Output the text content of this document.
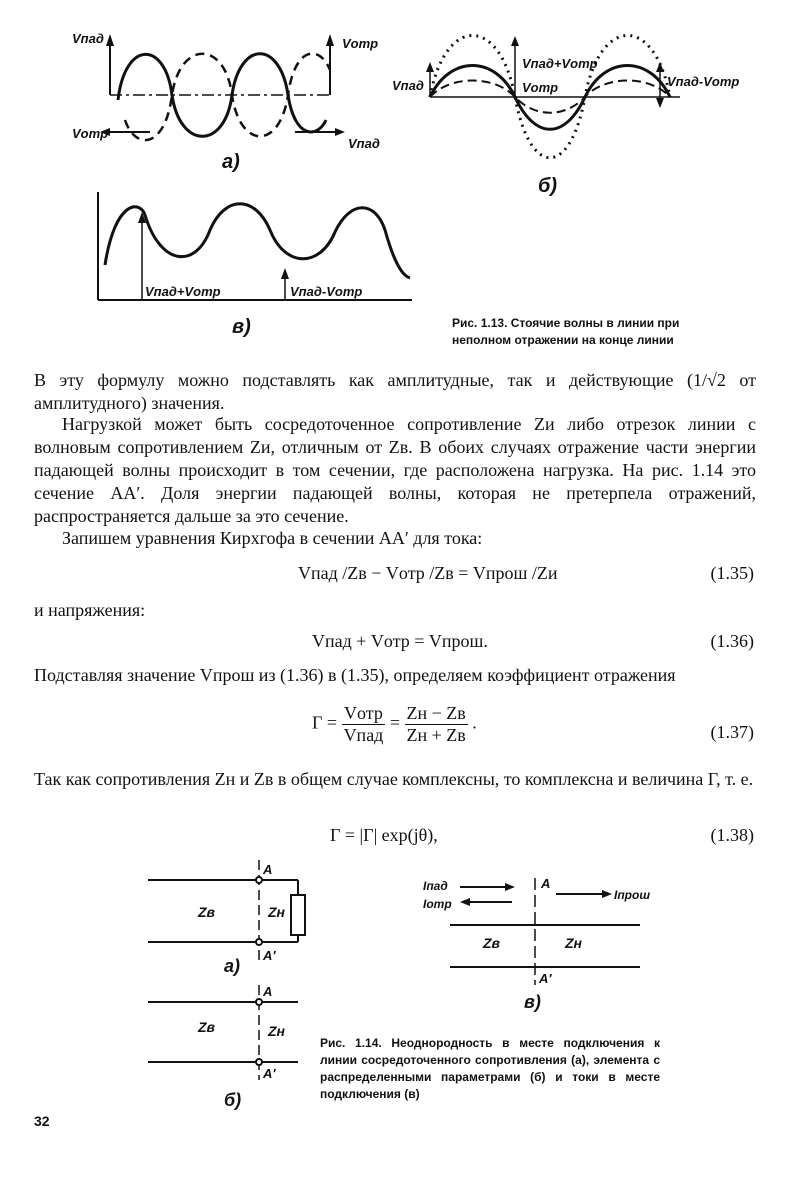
Vпад	Vотр
Vотр
Vпад
а)
Vпад
Vпад+Vотр
Vотр	Vпад-Vотр
б)
Vпад+Vотр	Vпад-Vотр
в)	Рис. 1.13. Стоячие волны в линии при неполном отражении на конце линии
В эту формулу можно подставлять как амплитудные, так и действующие (1/√2 от амплитудного) значения.
Нагрузкой может быть сосредоточенное сопротивление Zи либо отрезок линии с волновым сопротивлением Zи, отличным от Zв. В обоих случаях отражение части энергии падающей волны происходит в том сечении, где расположена нагрузка. На рис. 1.14 это сечение AA′. Доля энергии падающей волны, которая не претерпела отражений, распространяется дальше за это сечение.
Запишем уравнения Кирхгофа в сечении AA′ для тока:
Vпад /Zв − Vотр /Zв = Vпрош /Zи	(1.35)
и напряжения:
Vпад + Vотр = Vпрош.	(1.36)
Подставляя значение Vпрош из (1.36) в (1.35), определяем коэффициент отражения
$Г = \frac{\text{Vотр}}{\text{Vпад}} = \frac{Zн - Zв}{Zн + Zв}$ .	(1.37)
Так как сопротивления Zн и Zв в общем случае комплексны, то комплексна и величина Г, т. е.
Г = |Г| exp(jθ),	(1.38)
A
Zв	Zн
A′
а)
A
Zв	Zн
A′
б)
Iпад
Iотр
A
Iпрош
Zв	Zн
A′
в)
Рис. 1.14. Неоднородность в месте подключения к линии сосредоточенного сопротивления (а), элемента с распределенными параметрами (б) и токи в месте подключения (в)
32
